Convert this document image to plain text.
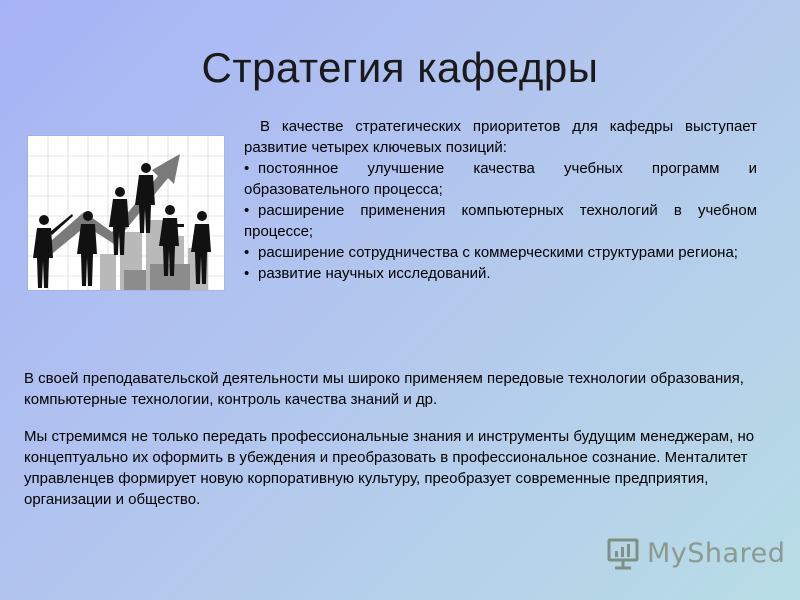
Стратегия кафедры

В качестве стратегических приоритетов для кафедры выступает развитие четырех ключевых позиций:

• постоянное улучшение качества учебных программ и образовательного процесса;
• расширение применения компьютерных технологий в учебном процессе;
• расширение сотрудничества с коммерческими структурами региона;
• развитие научных исследований.

В своей преподавательской деятельности мы широко применяем передовые технологии образования, компьютерные технологии, контроль качества знаний и др.

Мы стремимся не только передать профессиональные знания и инструменты будущим менеджерам, но концептуально их оформить в убеждения и преобразовать в профессиональное сознание. Менталитет управленцев формирует новую корпоративную культуру, преобразует современные предприятия, организации и общество.

MyShared
